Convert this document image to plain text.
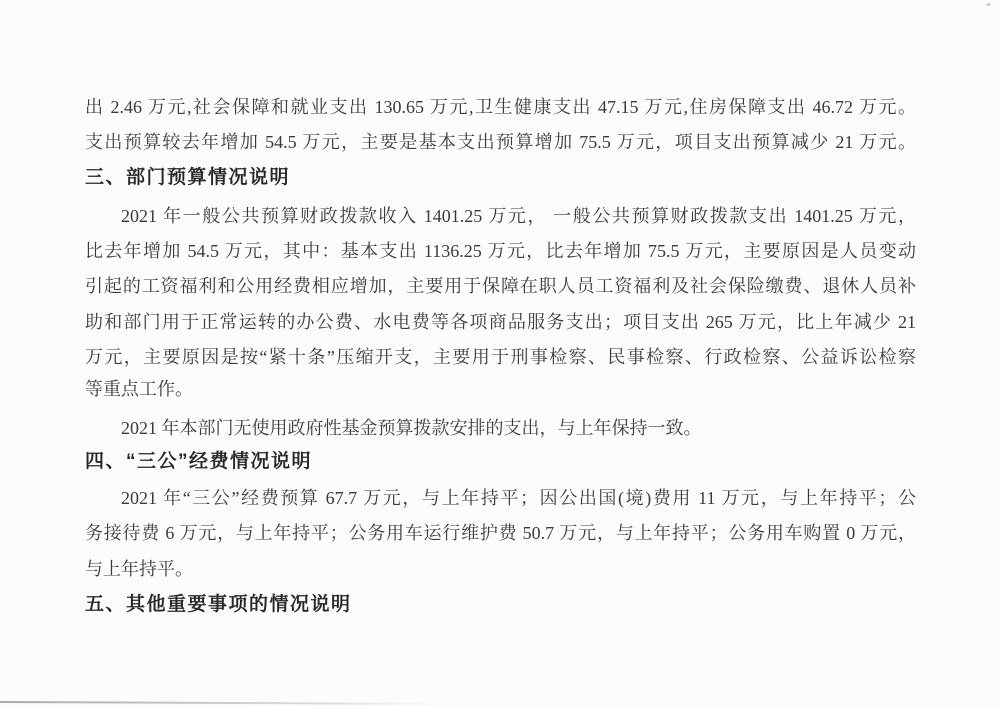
出 2.46 万元,社会保障和就业支出 130.65 万元,卫生健康支出 47.15 万元,住房保障支出 46.72 万元。
支出预算较去年增加 54.5 万元，主要是基本支出预算增加 75.5 万元，项目支出预算减少 21 万元。
三、部门预算情况说明
2021 年一般公共预算财政拨款收入 1401.25 万元， 一般公共预算财政拨款支出 1401.25 万元，
比去年增加 54.5 万元，其中：基本支出 1136.25 万元，比去年增加 75.5 万元，主要原因是人员变动
引起的工资福利和公用经费相应增加，主要用于保障在职人员工资福利及社会保险缴费、退休人员补
助和部门用于正常运转的办公费、水电费等各项商品服务支出；项目支出 265 万元，比上年减少 21
万元，主要原因是按“紧十条”压缩开支，主要用于刑事检察、民事检察、行政检察、公益诉讼检察
等重点工作。
2021 年本部门无使用政府性基金预算拨款安排的支出，与上年保持一致。
四、“三公”经费情况说明
2021 年“三公”经费预算 67.7 万元，与上年持平；因公出国(境)费用 11 万元，与上年持平；公
务接待费 6 万元，与上年持平；公务用车运行维护费 50.7 万元，与上年持平；公务用车购置 0 万元，
与上年持平。
五、其他重要事项的情况说明
